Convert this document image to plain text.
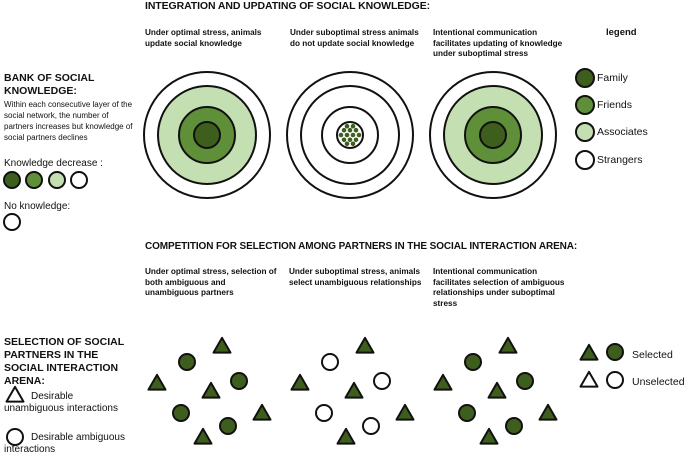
INTEGRATION AND UPDATING OF SOCIAL KNOWLEDGE:
Under optimal stress, animals update social knowledge
Under suboptimal stress animals do not update social knowledge
Intentional communication facilitates updating of knowledge under suboptimal stress
legend
Family
Friends
Associates
Strangers
BANK OF SOCIAL KNOWLEDGE:
Within each consecutive layer of the social network, the number of partners increases but knowledge of social partners declines
Knowledge decrease :
No knowledge:
COMPETITION FOR SELECTION AMONG PARTNERS IN THE SOCIAL INTERACTION ARENA:
Under optimal stress, selection of both ambiguous and unambiguous partners
Under suboptimal stress, animals select unambiguous relationships
Intentional communication facilitates selection of ambiguous relationships under suboptimal stress
SELECTION OF SOCIAL PARTNERS IN THE SOCIAL INTERACTION ARENA:
Desirable unambiguous interactions
Desirable ambiguous interactions
Selected
Unselected
